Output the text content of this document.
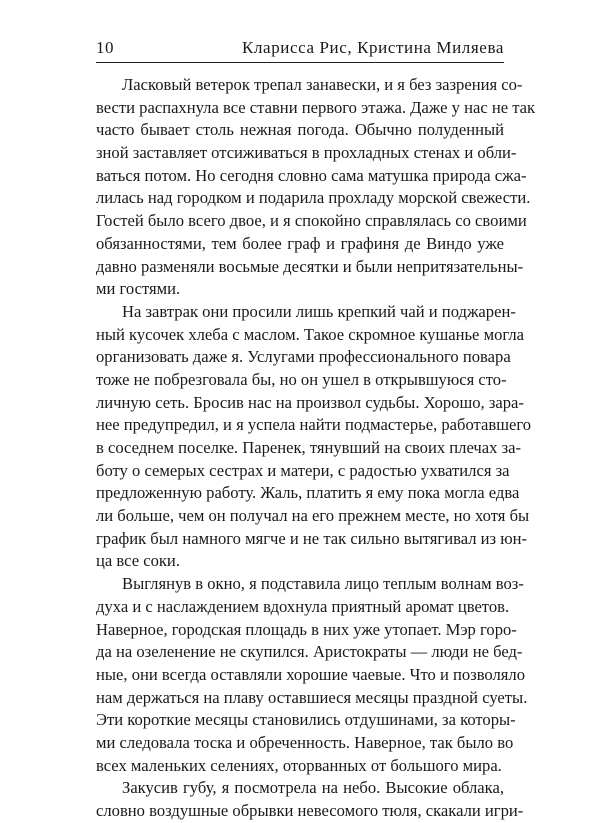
10	Кларисса Рис, Кристина Миляева
Ласковый ветерок трепал занавески, и я без зазрения со-
вести распахнула все ставни первого этажа. Даже у нас не так
часто бывает столь нежная погода. Обычно полуденный
зной заставляет отсиживаться в прохладных стенах и обли-
ваться потом. Но сегодня словно сама матушка природа сжа-
лилась над городком и подарила прохладу морской свежести.
Гостей было всего двое, и я спокойно справлялась со своими
обязанностями, тем более граф и графиня де Виндо уже
давно разменяли восьмые десятки и были непритязательны-
ми гостями.
На завтрак они просили лишь крепкий чай и поджарен-
ный кусочек хлеба с маслом. Такое скромное кушанье могла
организовать даже я. Услугами профессионального повара
тоже не побрезговала бы, но он ушел в открывшуюся сто-
личную сеть. Бросив нас на произвол судьбы. Хорошо, зара-
нее предупредил, и я успела найти подмастерье, работавшего
в соседнем поселке. Паренек, тянувший на своих плечах за-
боту о семерых сестрах и матери, с радостью ухватился за
предложенную работу. Жаль, платить я ему пока могла едва
ли больше, чем он получал на его прежнем месте, но хотя бы
график был намного мягче и не так сильно вытягивал из юн-
ца все соки.
Выглянув в окно, я подставила лицо теплым волнам воз-
духа и с наслаждением вдохнула приятный аромат цветов.
Наверное, городская площадь в них уже утопает. Мэр горо-
да на озеленение не скупился. Аристократы — люди не бед-
ные, они всегда оставляли хорошие чаевые. Что и позволяло
нам держаться на плаву оставшиеся месяцы праздной суеты.
Эти короткие месяцы становились отдушинами, за которы-
ми следовала тоска и обреченность. Наверное, так было во
всех маленьких селениях, оторванных от большого мира.
Закусив губу, я посмотрела на небо. Высокие облака,
словно воздушные обрывки невесомого тюля, скакали игри-
